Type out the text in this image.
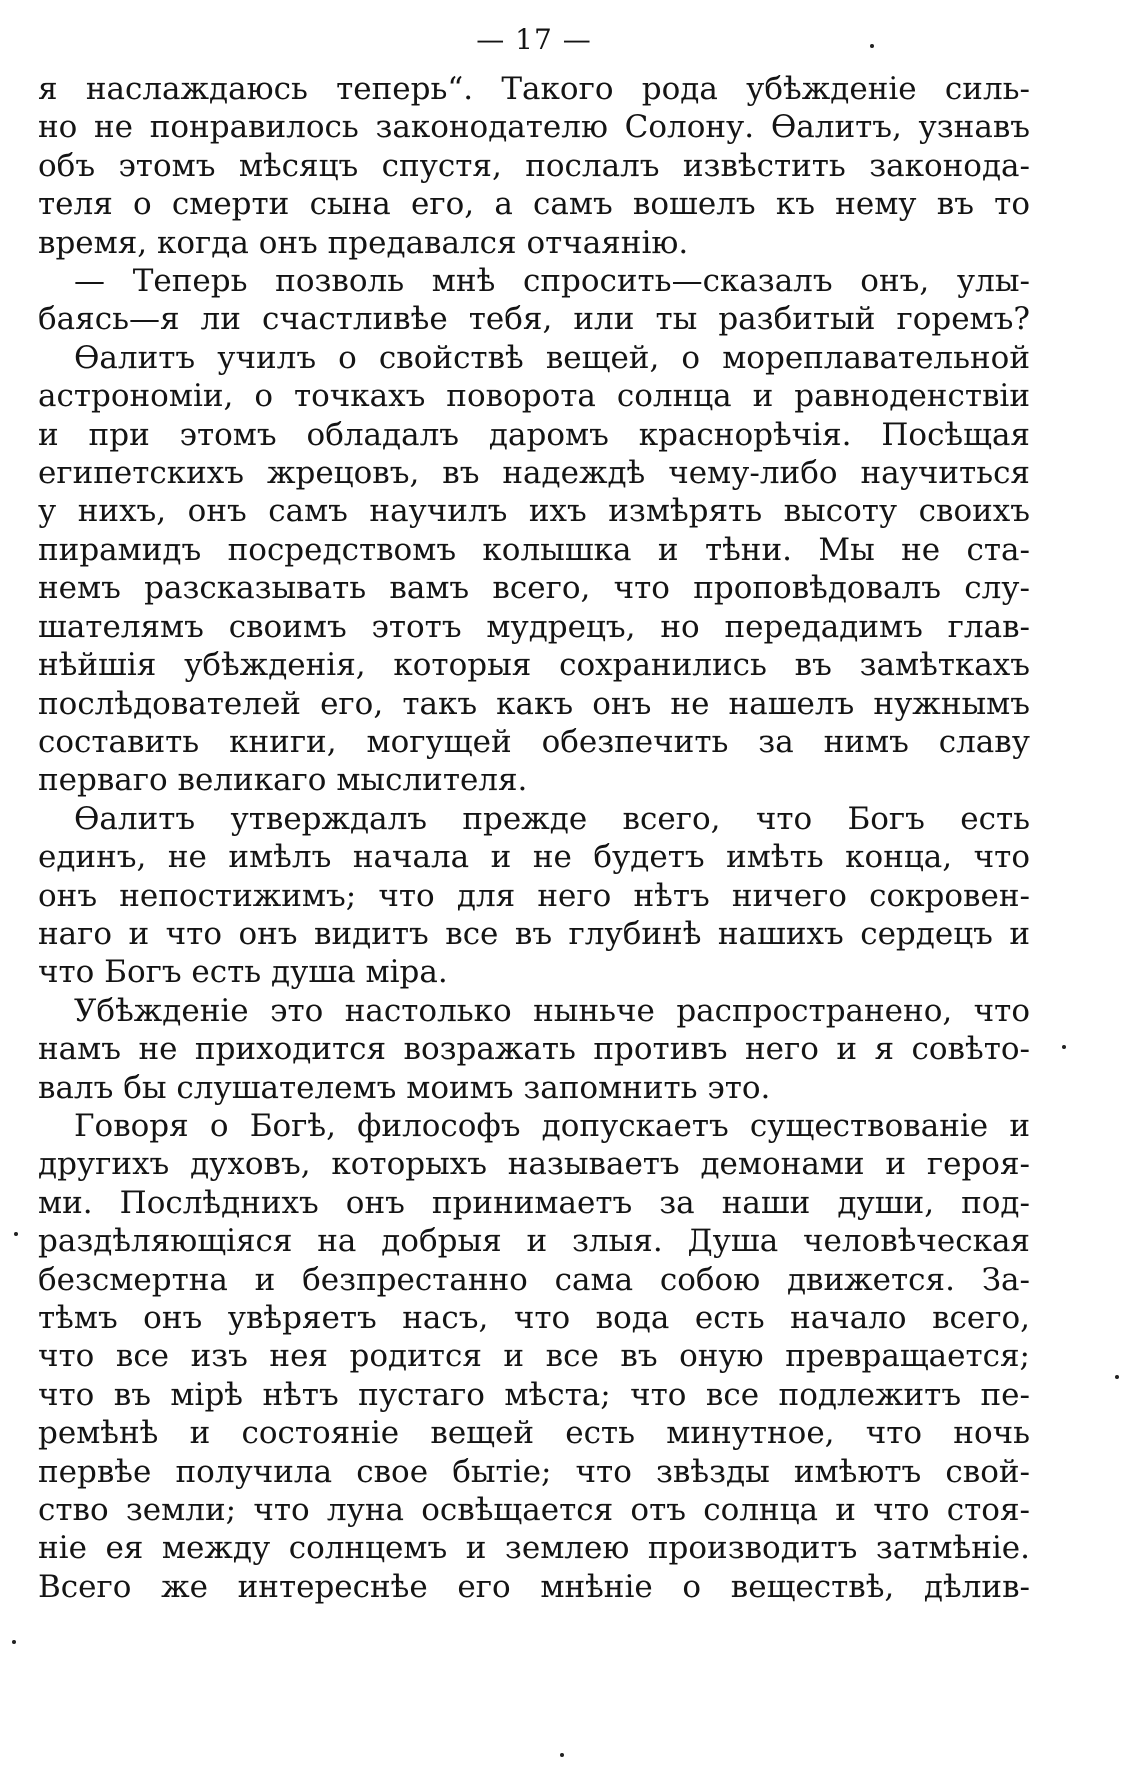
— 17 —
я наслаждаюсь теперь“. Такого рода убѣжденіе силь-
но не понравилось законодателю Солону. Ѳалитъ, узнавъ
объ этомъ мѣсяцъ спустя, послалъ извѣстить законода-
теля о смерти сына его, а самъ вошелъ къ нему въ то
время, когда онъ предавался отчаянію.
— Теперь позволь мнѣ спросить—сказалъ онъ, улы-
баясь—я ли счастливѣе тебя, или ты разбитый горемъ?
Ѳалитъ училъ о свойствѣ вещей, о мореплавательной
астрономіи, о точкахъ поворота солнца и равноденствіи
и при этомъ обладалъ даромъ краснорѣчія. Посѣщая
египетскихъ жрецовъ, въ надеждѣ чему-либо научиться
у нихъ, онъ самъ научилъ ихъ измѣрять высоту своихъ
пирамидъ посредствомъ колышка и тѣни. Мы не ста-
немъ разсказывать вамъ всего, что проповѣдовалъ слу-
шателямъ своимъ этотъ мудрецъ, но передадимъ глав-
нѣйшія убѣжденія, которыя сохранились въ замѣткахъ
послѣдователей его, такъ какъ онъ не нашелъ нужнымъ
составить книги, могущей обезпечить за нимъ славу
перваго великаго мыслителя.
Ѳалитъ утверждалъ прежде всего, что Богъ есть
единъ, не имѣлъ начала и не будетъ имѣть конца, что
онъ непостижимъ; что для него нѣтъ ничего сокровен-
наго и что онъ видитъ все въ глубинѣ нашихъ сердецъ и
что Богъ есть душа міра.
Убѣжденіе это настолько ныньче распространено, что
намъ не приходится возражать противъ него и я совѣто-
валъ бы слушателемъ моимъ запомнить это.
Говоря о Богѣ, философъ допускаетъ существованіе и
другихъ духовъ, которыхъ называетъ демонами и героя-
ми. Послѣднихъ онъ принимаетъ за наши души, под-
раздѣляющіяся на добрыя и злыя. Душа человѣческая
безсмертна и безпрестанно сама собою движется. За-
тѣмъ онъ увѣряетъ насъ, что вода есть начало всего,
что все изъ нея родится и все въ оную превращается;
что въ мірѣ нѣтъ пустаго мѣста; что все подлежитъ пе-
ремѣнѣ и состояніе вещей есть минутное, что ночь
первѣе получила свое бытіе; что звѣзды имѣютъ свой-
ство земли; что луна освѣщается отъ солнца и что стоя-
ніе ея между солнцемъ и землею производитъ затмѣніе.
Всего же интереснѣе его мнѣніе о веществѣ, дѣлив-
